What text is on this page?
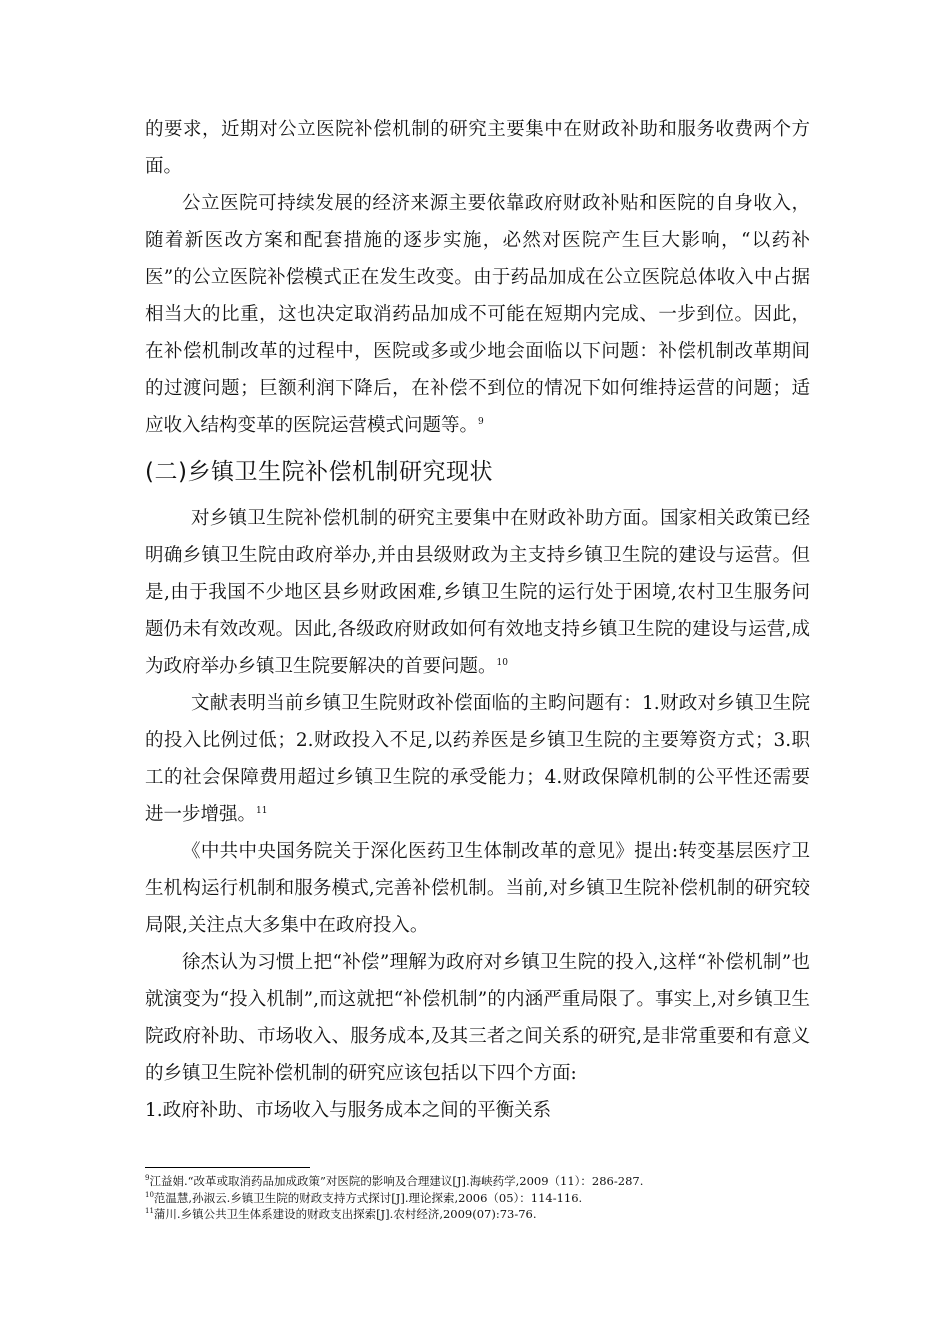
的要求，近期对公立医院补偿机制的研究主要集中在财政补助和服务收费两个方面。

公立医院可持续发展的经济来源主要依靠政府财政补贴和医院的自身收入，随着新医改方案和配套措施的逐步实施，必然对医院产生巨大影响，“以药补医”的公立医院补偿模式正在发生改变。由于药品加成在公立医院总体收入中占据相当大的比重，这也决定取消药品加成不可能在短期内完成、一步到位。因此，在补偿机制改革的过程中，医院或多或少地会面临以下问题：补偿机制改革期间的过渡问题；巨额利润下降后，在补偿不到位的情况下如何维持运营的问题；适应收入结构变革的医院运营模式问题等。$^9$

(二)乡镇卫生院补偿机制研究现状

对乡镇卫生院补偿机制的研究主要集中在财政补助方面。国家相关政策已经明确乡镇卫生院由政府举办,并由县级财政为主支持乡镇卫生院的建设与运营。但是,由于我国不少地区县乡财政困难,乡镇卫生院的运行处于困境,农村卫生服务问题仍未有效改观。因此,各级政府财政如何有效地支持乡镇卫生院的建设与运营,成为政府举办乡镇卫生院要解决的首要问题。$^{10}$

文献表明当前乡镇卫生院财政补偿面临的主畇问题有：1.财政对乡镇卫生院的投入比例过低；2.财政投入不足,以药养医是乡镇卫生院的主要筹资方式；3.职工的社会保障费用超过乡镇卫生院的承受能力；4.财政保障机制的公平性还需要进一步增强。$^{11}$

《中共中央国务院关于深化医药卫生体制改革的意见》提出:转变基层医疗卫生机构运行机制和服务模式,完善补偿机制。当前,对乡镇卫生院补偿机制的研究较局限,关注点大多集中在政府投入。

徐杰认为习惯上把“补偿”理解为政府对乡镇卫生院的投入,这样“补偿机制”也就演变为“投入机制”,而这就把“补偿机制”的内涵严重局限了。事实上,对乡镇卫生院政府补助、市场收入、服务成本,及其三者之间关系的研究,是非常重要和有意义的乡镇卫生院补偿机制的研究应该包括以下四个方面:

1.政府补助、市场收入与服务成本之间的平衡关系

$^9$江益娟.“改革或取消药品加成政策”对医院的影响及合理建议[J].海峡药学,2009（11）：286-287.

$^{10}$范温慧,孙淑云.乡镇卫生院的财政支持方式探讨[J].理论探索,2006（05）：114-116.

$^{11}$蒲川.乡镇公共卫生体系建设的财政支出探索[J].农村经济,2009(07):73-76.
